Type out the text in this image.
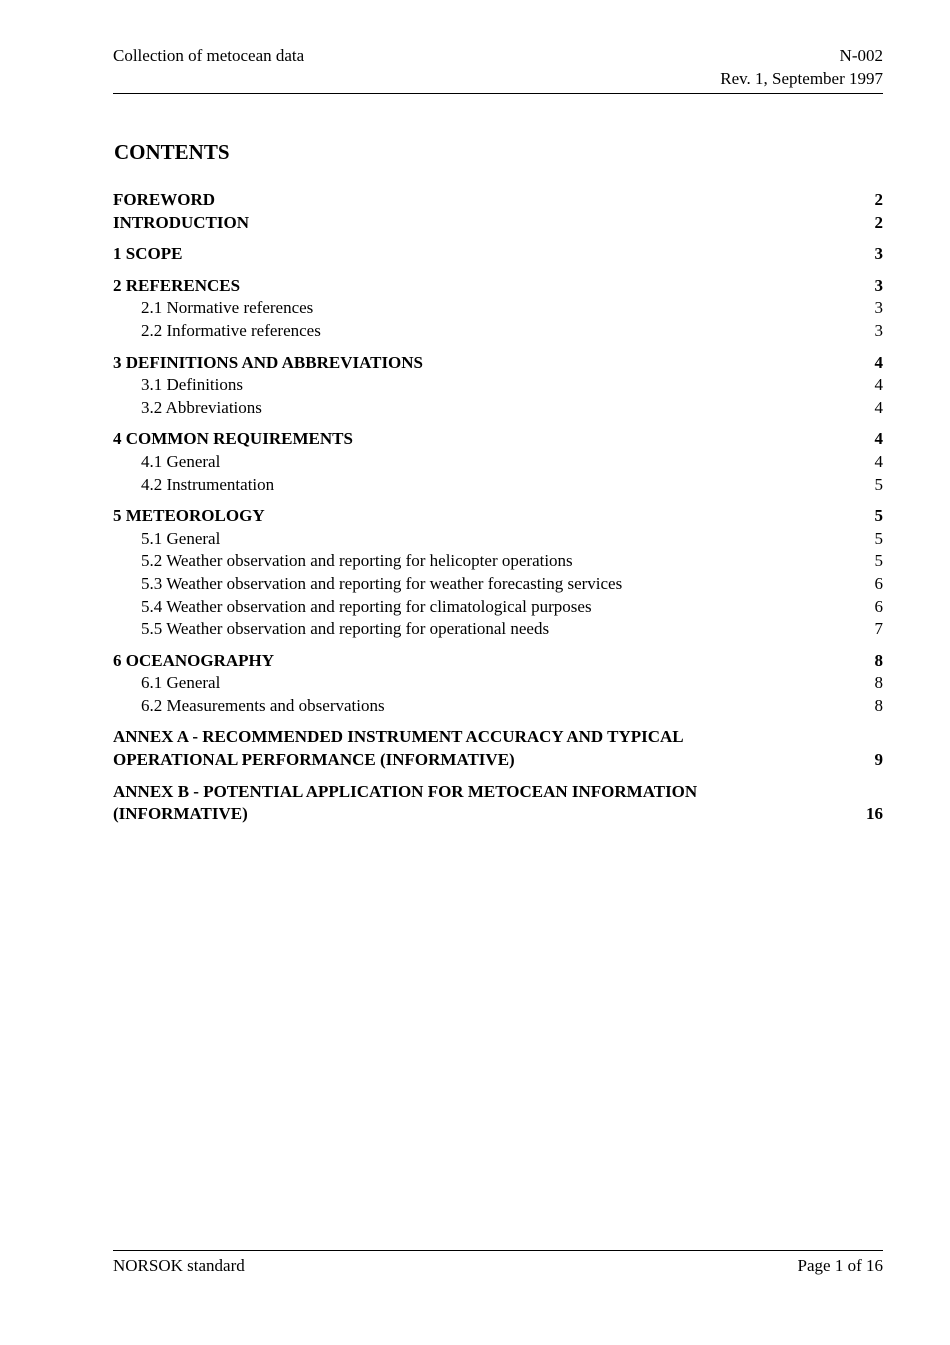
Collection of metocean data	N-002
Rev. 1, September 1997
CONTENTS
FOREWORD	2
INTRODUCTION	2
1 SCOPE	3
2 REFERENCES	3
2.1 Normative references	3
2.2 Informative references	3
3 DEFINITIONS AND ABBREVIATIONS	4
3.1 Definitions	4
3.2 Abbreviations	4
4 COMMON REQUIREMENTS	4
4.1 General	4
4.2 Instrumentation	5
5 METEOROLOGY	5
5.1 General	5
5.2 Weather observation and reporting for helicopter operations	5
5.3 Weather observation and reporting for weather forecasting services	6
5.4 Weather observation and reporting for climatological purposes	6
5.5 Weather observation and reporting for operational needs	7
6 OCEANOGRAPHY	8
6.1 General	8
6.2 Measurements and observations	8
ANNEX A - RECOMMENDED INSTRUMENT ACCURACY AND TYPICAL
OPERATIONAL PERFORMANCE (INFORMATIVE)	9
ANNEX B - POTENTIAL APPLICATION FOR METOCEAN INFORMATION
(INFORMATIVE)	16
NORSOK standard	Page 1 of 16
